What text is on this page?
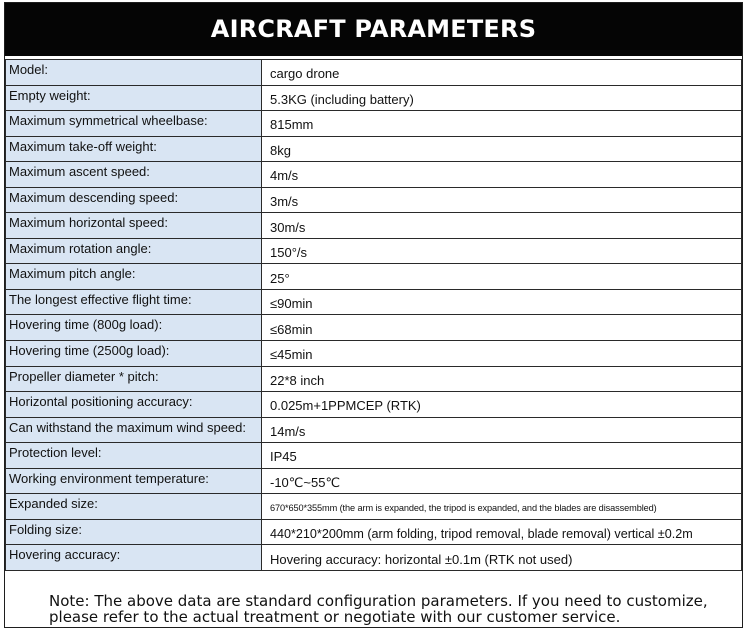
AIRCRAFT PARAMETERS
Model:	cargo drone
Empty weight:	5.3KG (including battery)
Maximum symmetrical wheelbase:	815mm
Maximum take-off weight:	8kg
Maximum ascent speed:	4m/s
Maximum descending speed:	3m/s
Maximum horizontal speed:	30m/s
Maximum rotation angle:	150°/s
Maximum pitch angle:	25°
The longest effective flight time:	≤90min
Hovering time (800g load):	≤68min
Hovering time (2500g load):	≤45min
Propeller diameter * pitch:	22*8 inch
Horizontal positioning accuracy:	0.025m+1PPMCEP (RTK)
Can withstand the maximum wind speed:	14m/s
Protection level:	IP45
Working environment temperature:	-10℃~55℃
Expanded size:	670*650*355mm (the arm is expanded, the tripod is expanded, and the blades are disassembled)
Folding size:	440*210*200mm (arm folding, tripod removal, blade removal) vertical ±0.2m
Hovering accuracy:	Hovering accuracy: horizontal ±0.1m (RTK not used)
Note: The above data are standard configuration parameters. If you need to customize,
please refer to the actual treatment or negotiate with our customer service.
